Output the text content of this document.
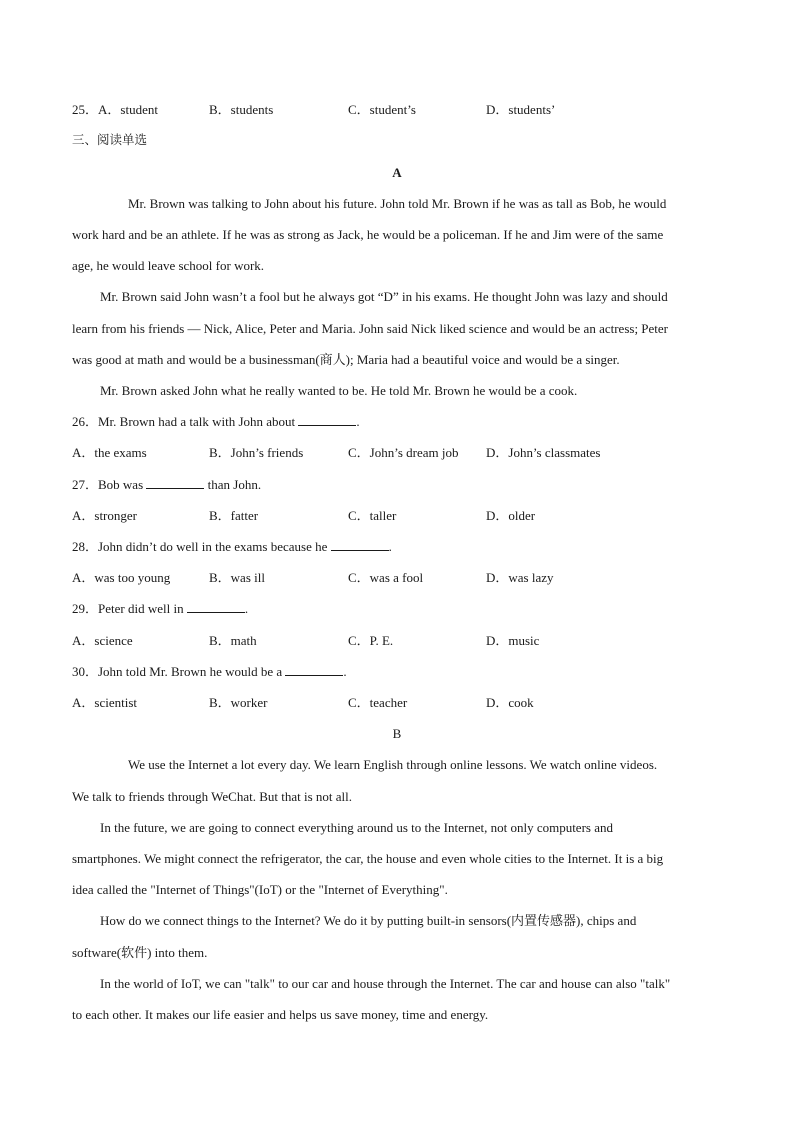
25．A．student	B．students	C．student’s	D．students’
三、阅读单选
A
Mr. Brown was talking to John about his future. John told Mr. Brown if he was as tall as Bob, he would
work hard and be an athlete. If he was as strong as Jack, he would be a policeman. If he and Jim were of the same
age, he would leave school for work.
Mr. Brown said John wasn’t a fool but he always got “D” in his exams. He thought John was lazy and should
learn from his friends — Nick, Alice, Peter and Maria. John said Nick liked science and would be an actress; Peter
was good at math and would be a businessman(商人); Maria had a beautiful voice and would be a singer.
Mr. Brown asked John what he really wanted to be. He told Mr. Brown he would be a cook.
26．Mr. Brown had a talk with John about	.
A．the exams	B．John’s friends	C．John’s dream job D．John’s classmates
27．Bob was	than John.
A．stronger	B．fatter	C．taller	D．older
28．John didn’t do well in the exams because he	.
A．was too young	B．was ill	C．was a fool	D．was lazy
29．Peter did well in	.
A．science	B．math	C．P. E.	D．music
30．John told Mr. Brown he would be a	.
A．scientist	B．worker	C．teacher	D．cook
B
We use the Internet a lot every day. We learn English through online lessons. We watch online videos.
We talk to friends through WeChat. But that is not all.
In the future, we are going to connect everything around us to the Internet, not only computers and
smartphones. We might connect the refrigerator, the car, the house and even whole cities to the Internet. It is a big
idea called the "Internet of Things"(IoT) or the "Internet of Everything".
How do we connect things to the Internet? We do it by putting built-in sensors(内置传感器), chips and
software(软件) into them.
In the world of IoT, we can "talk" to our car and house through the Internet. The car and house can also "talk"
to each other. It makes our life easier and helps us save money, time and energy.
